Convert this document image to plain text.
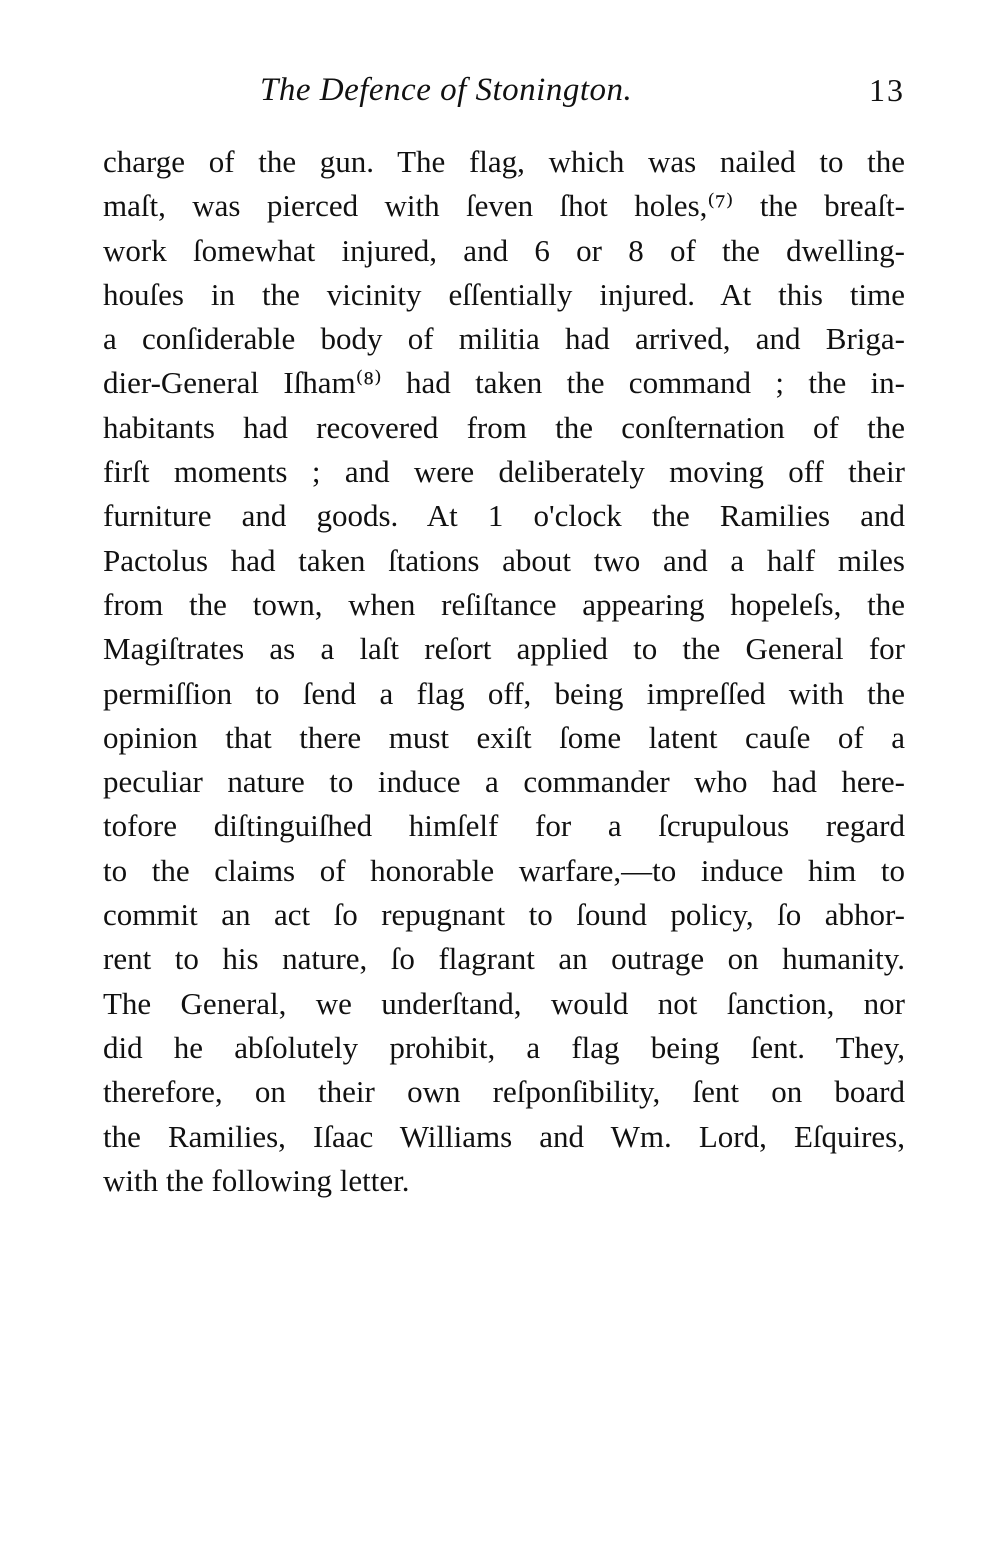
The Defence of Stonington.	13
charge of the gun. The flag, which was nailed to the
maſt, was pierced with ſeven ſhot holes,⁽⁷⁾ the breaſt-
work ſomewhat injured, and 6 or 8 of the dwelling-
houſes in the vicinity eſſentially injured. At this time
a conſiderable body of militia had arrived, and Briga-
dier-General Iſham⁽⁸⁾ had taken the command ; the in-
habitants had recovered from the conſternation of the
firſt moments ; and were deliberately moving off their
furniture and goods. At 1 o'clock the Ramilies and
Pactolus had taken ſtations about two and a half miles
from the town, when reſiſtance appearing hopeleſs, the
Magiſtrates as a laſt reſort applied to the General for
permiſſion to ſend a flag off, being impreſſed with the
opinion that there must exiſt ſome latent cauſe of a
peculiar nature to induce a commander who had here-
tofore diſtinguiſhed himſelf for a ſcrupulous regard
to the claims of honorable warfare,—to induce him to
commit an act ſo repugnant to ſound policy, ſo abhor-
rent to his nature, ſo flagrant an outrage on humanity.
The General, we underſtand, would not ſanction, nor
did he abſolutely prohibit, a flag being ſent. They,
therefore, on their own reſponſibility, ſent on board
the Ramilies, Iſaac Williams and Wm. Lord, Eſquires,
with the following letter.
